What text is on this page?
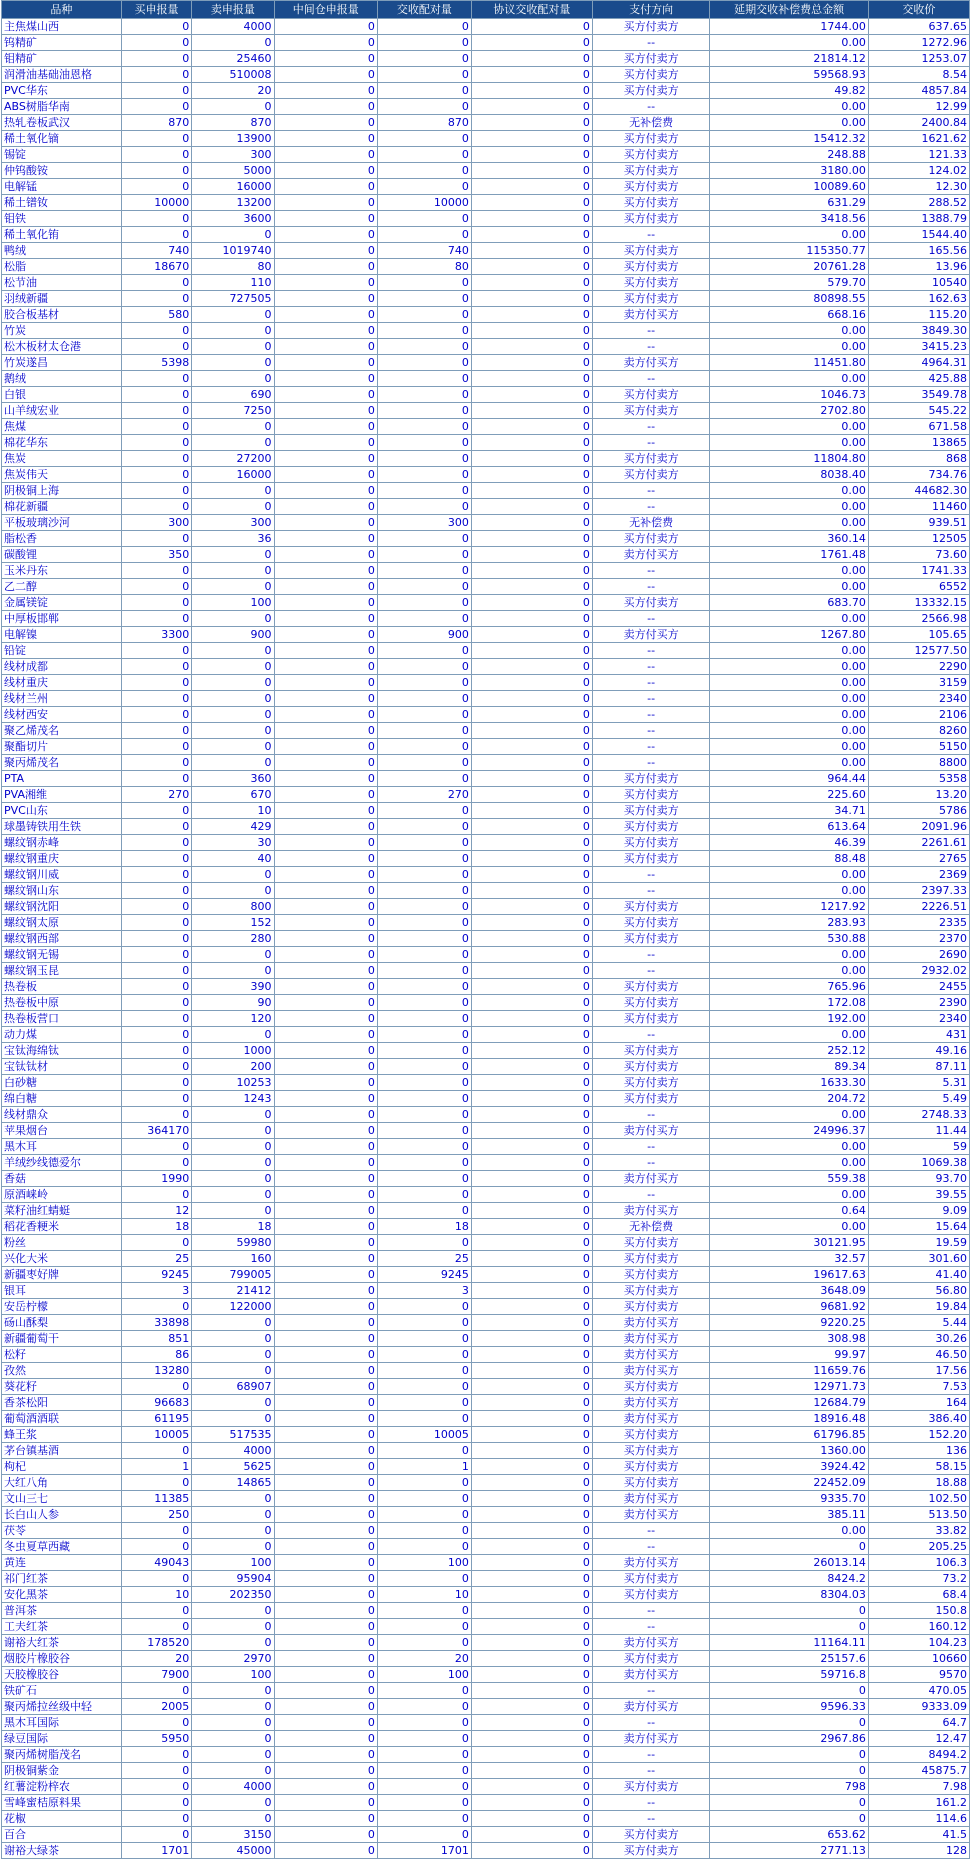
品种	买申报量	卖申报量	中间仓申报量	交收配对量	协议交收配对量	支付方向	延期交收补偿费总金额	交收价
主焦煤山西	0	4000	0	0	0	买方付卖方	1744.00	637.65
钨精矿	0	0	0	0	0	--	0.00	1272.96
钼精矿	0	25460	0	0	0	买方付卖方	21814.12	1253.07
润滑油基础油恩格	0	510008	0	0	0	买方付卖方	59568.93	8.54
PVC华东	0	20	0	0	0	买方付卖方	49.82	4857.84
ABS树脂华南	0	0	0	0	0	--	0.00	12.99
热轧卷板武汉	870	870	0	870	0	无补偿费	0.00	2400.84
稀土氧化镝	0	13900	0	0	0	买方付卖方	15412.32	1621.62
锡锭	0	300	0	0	0	买方付卖方	248.88	121.33
仲钨酸铵	0	5000	0	0	0	买方付卖方	3180.00	124.02
电解锰	0	16000	0	0	0	买方付卖方	10089.60	12.30
稀土镨钕	10000	13200	0	10000	0	买方付卖方	631.29	288.52
钼铁	0	3600	0	0	0	买方付卖方	3418.56	1388.79
稀土氧化铕	0	0	0	0	0	--	0.00	1544.40
鸭绒	740	1019740	0	740	0	买方付卖方	115350.77	165.56
松脂	18670	80	0	80	0	买方付卖方	20761.28	13.96
松节油	0	110	0	0	0	买方付卖方	579.70	10540
羽绒新疆	0	727505	0	0	0	买方付卖方	80898.55	162.63
胶合板基材	580	0	0	0	0	卖方付买方	668.16	115.20
竹炭	0	0	0	0	0	--	0.00	3849.30
松木板材太仓港	0	0	0	0	0	--	0.00	3415.23
竹炭遂昌	5398	0	0	0	0	卖方付买方	11451.80	4964.31
鹅绒	0	0	0	0	0	--	0.00	425.88
白银	0	690	0	0	0	买方付卖方	1046.73	3549.78
山羊绒宏业	0	7250	0	0	0	买方付卖方	2702.80	545.22
焦煤	0	0	0	0	0	--	0.00	671.58
棉花华东	0	0	0	0	0	--	0.00	13865
焦炭	0	27200	0	0	0	买方付卖方	11804.80	868
焦炭伟天	0	16000	0	0	0	买方付卖方	8038.40	734.76
阴极铜上海	0	0	0	0	0	--	0.00	44682.30
棉花新疆	0	0	0	0	0	--	0.00	11460
平板玻璃沙河	300	300	0	300	0	无补偿费	0.00	939.51
脂松香	0	36	0	0	0	买方付卖方	360.14	12505
碳酸锂	350	0	0	0	0	卖方付买方	1761.48	73.60
玉米丹东	0	0	0	0	0	--	0.00	1741.33
乙二醇	0	0	0	0	0	--	0.00	6552
金属镁锭	0	100	0	0	0	买方付卖方	683.70	13332.15
中厚板邯郸	0	0	0	0	0	--	0.00	2566.98
电解镍	3300	900	0	900	0	卖方付买方	1267.80	105.65
铅锭	0	0	0	0	0	--	0.00	12577.50
线材成都	0	0	0	0	0	--	0.00	2290
线材重庆	0	0	0	0	0	--	0.00	3159
线材兰州	0	0	0	0	0	--	0.00	2340
线材西安	0	0	0	0	0	--	0.00	2106
聚乙烯茂名	0	0	0	0	0	--	0.00	8260
聚酯切片	0	0	0	0	0	--	0.00	5150
聚丙烯茂名	0	0	0	0	0	--	0.00	8800
PTA	0	360	0	0	0	买方付卖方	964.44	5358
PVA湘维	270	670	0	270	0	买方付卖方	225.60	13.20
PVC山东	0	10	0	0	0	买方付卖方	34.71	5786
球墨铸铁用生铁	0	429	0	0	0	买方付卖方	613.64	2091.96
螺纹钢赤峰	0	30	0	0	0	买方付卖方	46.39	2261.61
螺纹钢重庆	0	40	0	0	0	买方付卖方	88.48	2765
螺纹钢川威	0	0	0	0	0	--	0.00	2369
螺纹钢山东	0	0	0	0	0	--	0.00	2397.33
螺纹钢沈阳	0	800	0	0	0	买方付卖方	1217.92	2226.51
螺纹钢太原	0	152	0	0	0	买方付卖方	283.93	2335
螺纹钢西部	0	280	0	0	0	买方付卖方	530.88	2370
螺纹钢无锡	0	0	0	0	0	--	0.00	2690
螺纹钢玉昆	0	0	0	0	0	--	0.00	2932.02
热卷板	0	390	0	0	0	买方付卖方	765.96	2455
热卷板中原	0	90	0	0	0	买方付卖方	172.08	2390
热卷板营口	0	120	0	0	0	买方付卖方	192.00	2340
动力煤	0	0	0	0	0	--	0.00	431
宝钛海绵钛	0	1000	0	0	0	买方付卖方	252.12	49.16
宝钛钛材	0	200	0	0	0	买方付卖方	89.34	87.11
白砂糖	0	10253	0	0	0	买方付卖方	1633.30	5.31
绵白糖	0	1243	0	0	0	买方付卖方	204.72	5.49
线材鼎众	0	0	0	0	0	--	0.00	2748.33
苹果烟台	364170	0	0	0	0	卖方付买方	24996.37	11.44
黑木耳	0	0	0	0	0	--	0.00	59
羊绒纱线德爱尔	0	0	0	0	0	--	0.00	1069.38
香菇	1990	0	0	0	0	卖方付买方	559.38	93.70
原酒崃岭	0	0	0	0	0	--	0.00	39.55
菜籽油红蜻蜓	12	0	0	0	0	卖方付买方	0.64	9.09
稻花香粳米	18	18	0	18	0	无补偿费	0.00	15.64
粉丝	0	59980	0	0	0	买方付卖方	30121.95	19.59
兴化大米	25	160	0	25	0	买方付卖方	32.57	301.60
新疆枣好牌	9245	799005	0	9245	0	买方付卖方	19617.63	41.40
银耳	3	21412	0	3	0	买方付卖方	3648.09	56.80
安岳柠檬	0	122000	0	0	0	买方付卖方	9681.92	19.84
砀山酥梨	33898	0	0	0	0	卖方付买方	9220.25	5.44
新疆葡萄干	851	0	0	0	0	卖方付买方	308.98	30.26
松籽	86	0	0	0	0	卖方付买方	99.97	46.50
孜然	13280	0	0	0	0	卖方付买方	11659.76	17.56
葵花籽	0	68907	0	0	0	买方付卖方	12971.73	7.53
香茶松阳	96683	0	0	0	0	卖方付买方	12684.79	164
葡萄酒酒联	61195	0	0	0	0	卖方付买方	18916.48	386.40
蜂王浆	10005	517535	0	10005	0	买方付卖方	61796.85	152.20
茅台镇基酒	0	4000	0	0	0	买方付卖方	1360.00	136
枸杞	1	5625	0	1	0	买方付卖方	3924.42	58.15
大红八角	0	14865	0	0	0	买方付卖方	22452.09	18.88
文山三七	11385	0	0	0	0	卖方付买方	9335.70	102.50
长白山人参	250	0	0	0	0	卖方付买方	385.11	513.50
茯苓	0	0	0	0	0	--	0.00	33.82
冬虫夏草西藏	0	0	0	0	0	--	0	205.25
黄连	49043	100	0	100	0	卖方付买方	26013.14	106.3
祁门红茶	0	95904	0	0	0	买方付卖方	8424.2	73.2
安化黑茶	10	202350	0	10	0	买方付卖方	8304.03	68.4
普洱茶	0	0	0	0	0	--	0	150.8
工夫红茶	0	0	0	0	0	--	0	160.12
谢裕大红茶	178520	0	0	0	0	卖方付买方	11164.11	104.23
烟胶片橡胶谷	20	2970	0	20	0	买方付卖方	25157.6	10660
天胶橡胶谷	7900	100	0	100	0	卖方付买方	59716.8	9570
铁矿石	0	0	0	0	0	--	0	470.05
聚丙烯拉丝级中轻	2005	0	0	0	0	卖方付买方	9596.33	9333.09
黑木耳国际	0	0	0	0	0	--	0	64.7
绿豆国际	5950	0	0	0	0	卖方付买方	2967.86	12.47
聚丙烯树脂茂名	0	0	0	0	0	--	0	8494.2
阴极铜紫金	0	0	0	0	0	--	0	45875.7
红薯淀粉梓农	0	4000	0	0	0	买方付卖方	798	7.98
雪峰蜜桔原料果	0	0	0	0	0	--	0	161.2
花椒	0	0	0	0	0	--	0	114.6
百合	0	3150	0	0	0	买方付卖方	653.62	41.5
谢裕大绿茶	1701	45000	0	1701	0	买方付卖方	2771.13	128
